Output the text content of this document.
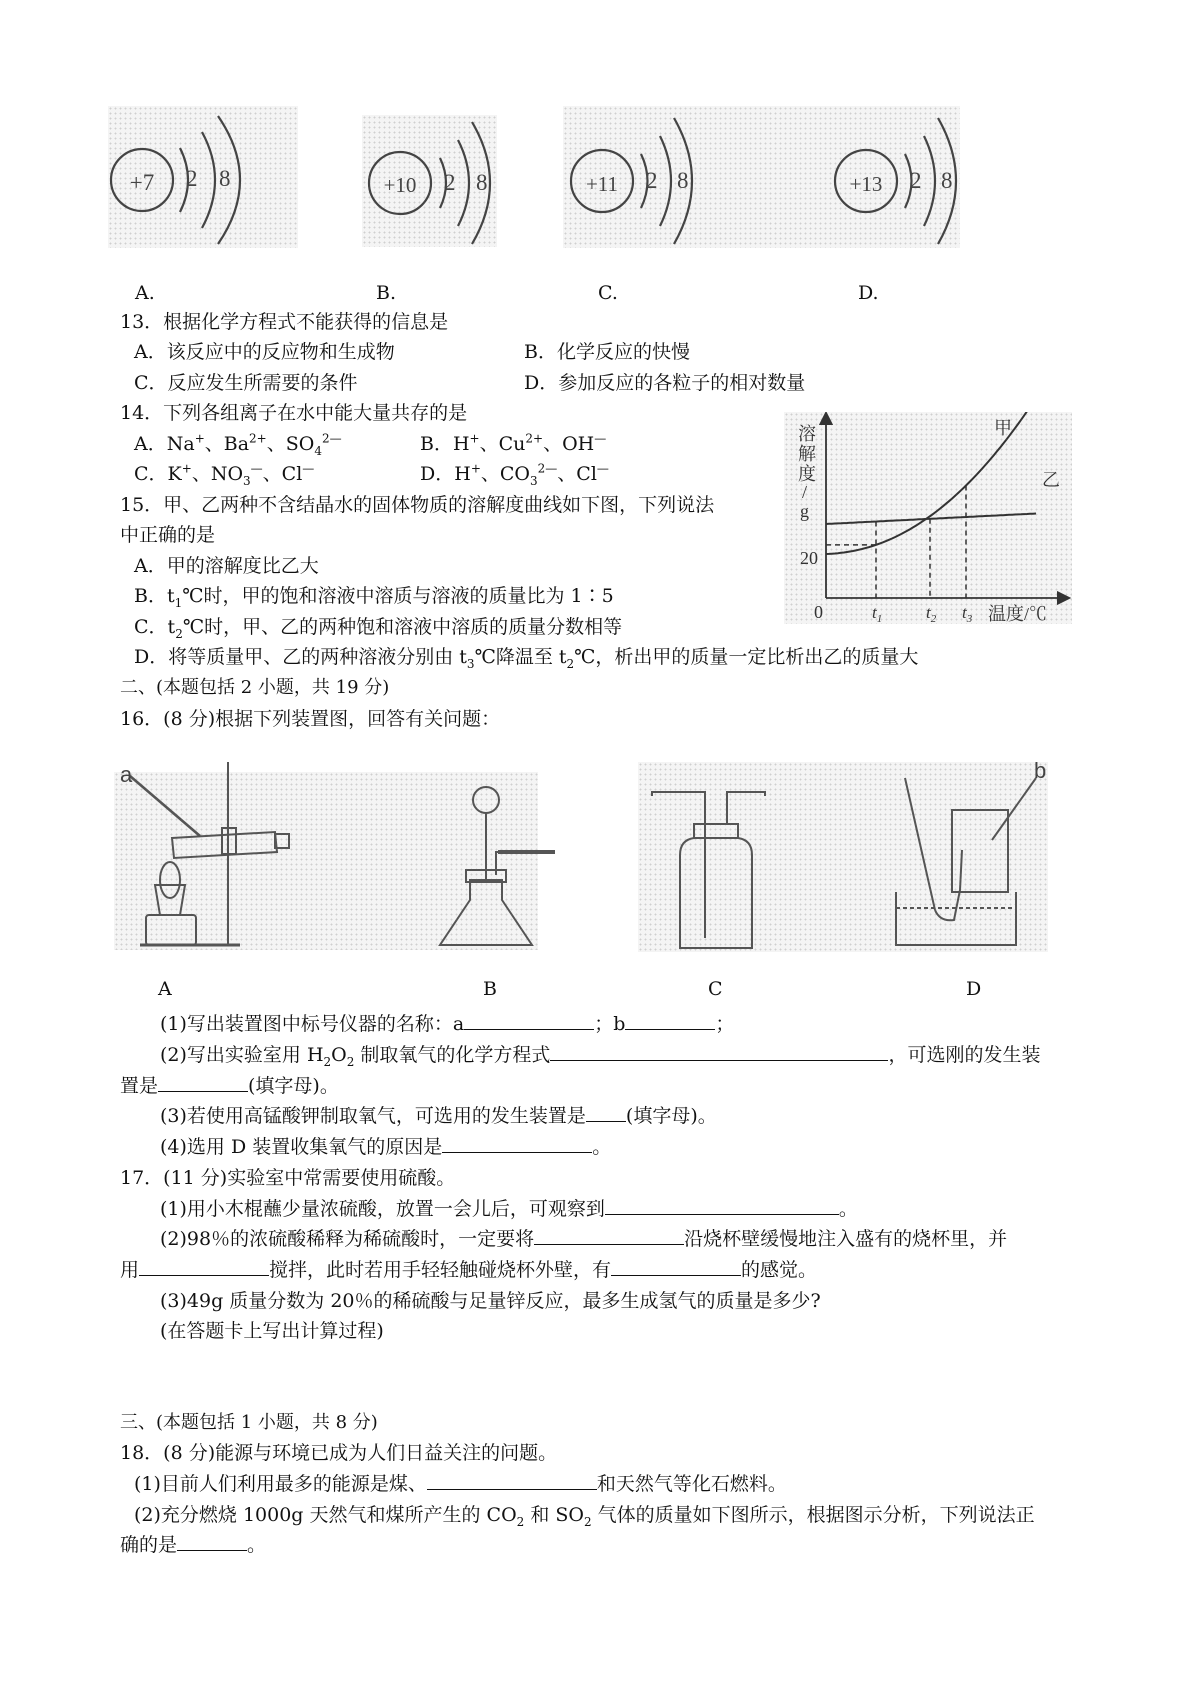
+7 2 8	+10 2 8	+11 2 8	+13 2 8
A.	B.	C.	D.
13．根据化学方程式不能获得的信息是
A．该反应中的反应物和生成物	B．化学反应的快慢
C．反应发生所需要的条件	D．参加反应的各粒子的相对数量
14．下列各组离子在水中能大量共存的是
A．Na+、$Ba^{2+}$、$SO_4^{2—}$	B．H+、$Cu^{2+}$、OH—
C．K+、$NO_3^—$、Cl—	D．H+、$CO_3^{2—}$、Cl—
溶
解
度
/
g
20
0	温度/℃
甲
乙
$t_1$	$t_2$ $t_3$
15．甲、乙两种不含结晶水的固体物质的溶解度曲线如下图，下列说法
中正确的是
A．甲的溶解度比乙大
B．$t_1℃$时，甲的饱和溶液中溶质与溶液的质量比为 1∶5
C．$t_2℃$时，甲、乙的两种饱和溶液中溶质的质量分数相等
D．将等质量甲、乙的两种溶液分别由 $t_3℃$降温至 $t_2℃$，析出甲的质量一定比析出乙的质量大
二、(本题包括 2 小题，共 19 分)
16．(8 分)根据下列装置图，回答有关问题：
a	b
A	B	C	D
(1)写出装置图中标号仪器的名称：a	；b	；
(2)写出实验室用 $H_2O_2$ 制取氧气的化学方程式	，可选刚的发生装
置是	(填字母)。
(3)若使用高锰酸钾制取氧气，可选用的发生装置是 (填字母)。
(4)选用 D 装置收集氧气的原因是	。
17．(11 分)实验室中常需要使用硫酸。
(1)用小木棍蘸少量浓硫酸，放置一会儿后，可观察到	。
(2)98％的浓硫酸稀释为稀硫酸时，一定要将	沿烧杯壁缓慢地注入盛有的烧杯里，并
用	搅拌，此时若用手轻轻触碰烧杯外壁，有	的感觉。
(3)49g 质量分数为 20％的稀硫酸与足量锌反应，最多生成氢气的质量是多少?
(在答题卡上写出计算过程)
三、(本题包括 1 小题，共 8 分)
18．(8 分)能源与环境已成为人们日益关注的问题。
(1)目前人们利用最多的能源是煤、	和天然气等化石燃料。
(2)充分燃烧 1000g 天然气和煤所产生的 $CO_2$ 和 $SO_2$ 气体的质量如下图所示，根据图示分析，下列说法正
确的是	。
